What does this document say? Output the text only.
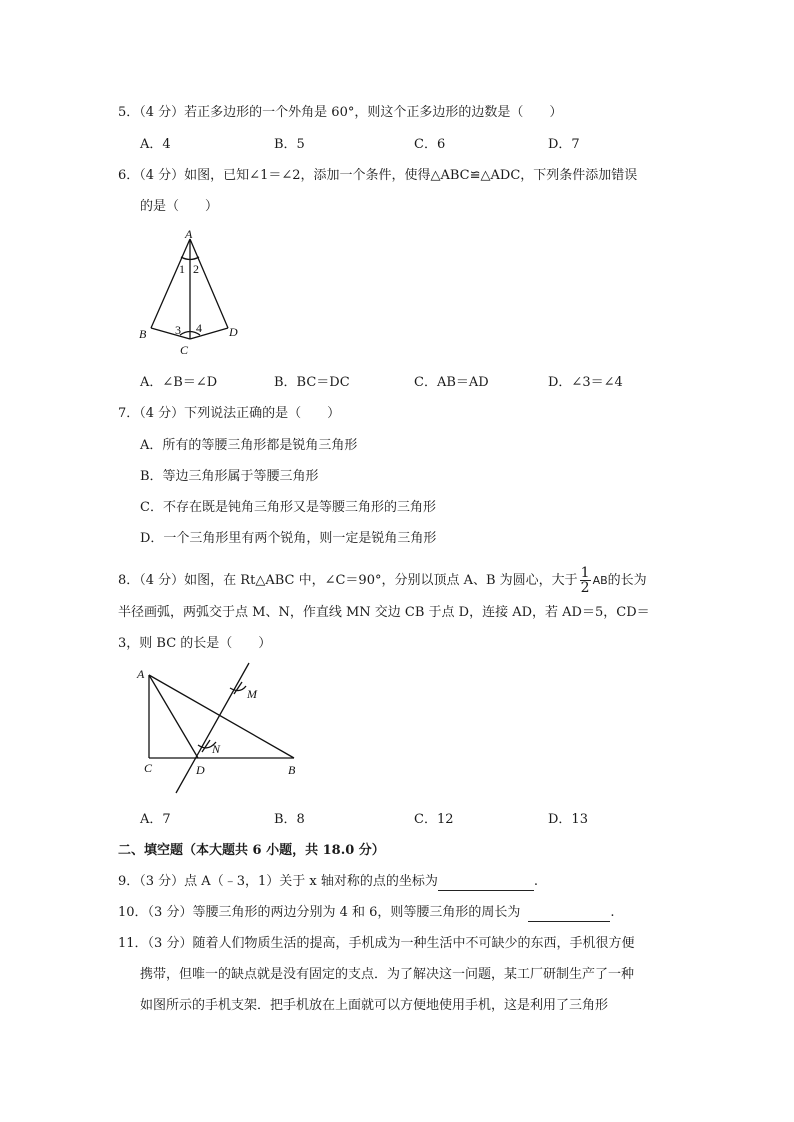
5．（4 分）若正多边形的一个外角是 60°，则这个正多边形的边数是（　　）
A．4	B．5	C．6	D．7
6．（4 分）如图，已知∠1＝∠2，添加一个条件，使得△ABC≌△ADC，下列条件添加错误
的是（　　）
A
B
C
D
1 2
3 4
A．∠B＝∠D	B．BC＝DC	C．AB＝AD	D．∠3＝∠4
7．（4 分）下列说法正确的是（　　）
A．所有的等腰三角形都是锐角三角形
B．等边三角形属于等腰三角形
C．不存在既是钝角三角形又是等腰三角形的三角形
D．一个三角形里有两个锐角，则一定是锐角三角形
8．（4 分）如图，在 Rt△ABC 中，∠C＝90°，分别以顶点 A、B 为圆心，大于 $\frac{1}{2}$ AB的长为
半径画弧，两弧交于点 M、N，作直线 MN 交边 CB 于点 D，连接 AD，若 AD＝5，CD＝
3，则 BC 的长是（　　）
A
C	D	B
M
N
A．7	B．8	C．12	D．13
二、填空题（本大题共 6 小题，共 18.0 分）
9．（3 分）点 A（﹣3，1）关于 x 轴对称的点的坐标为	.
10．（3 分）等腰三角形的两边分别为 4 和 6，则等腰三角形的周长为	.
11．（3 分）随着人们物质生活的提高，手机成为一种生活中不可缺少的东西，手机很方便
携带，但唯一的缺点就是没有固定的支点．为了解决这一问题，某工厂研制生产了一种
如图所示的手机支架．把手机放在上面就可以方便地使用手机，这是利用了三角形
